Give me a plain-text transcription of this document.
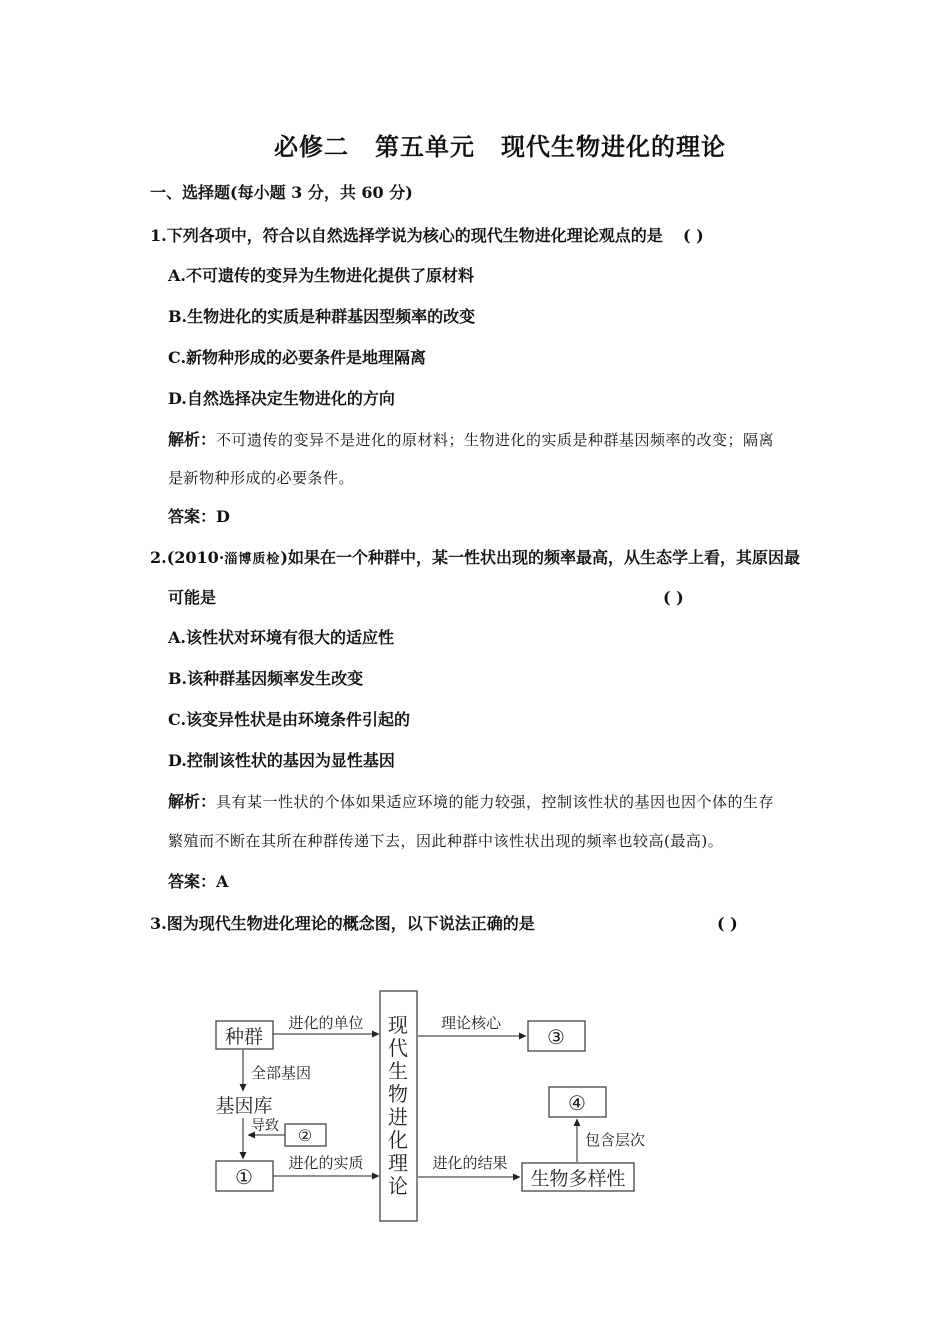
必修二 第五单元 现代生物进化的理论
一、选择题(每小题 3 分，共 60 分)
1.下列各项中，符合以自然选择学说为核心的现代生物进化理论观点的是 ( )
A.不可遗传的变异为生物进化提供了原材料
B.生物进化的实质是种群基因型频率的改变
C.新物种形成的必要条件是地理隔离
D.自然选择决定生物进化的方向
解析：不可遗传的变异不是进化的原材料；生物进化的实质是种群基因频率的改变；隔离
是新物种形成的必要条件。
答案：D
2.(2010·淄博质检)如果在一个种群中，某一性状出现的频率最高，从生态学上看，其原因最
可能是	( )
A.该性状对环境有很大的适应性
B.该种群基因频率发生改变
C.该变异性状是由环境条件引起的
D.控制该性状的基因为显性基因
解析：具有某一性状的个体如果适应环境的能力较强，控制该性状的基因也因个体的生存
繁殖而不断在其所在种群传递下去，因此种群中该性状出现的频率也较高(最高)。
答案：A
3.图为现代生物进化理论的概念图，以下说法正确的是	( )
种群
基因库
①
②
③
④
生物多样性
现
代
生
物
进
化
理
论
进化的单位	理论核心
全部基因
导致
进化的实质	进化的结果
包含层次
